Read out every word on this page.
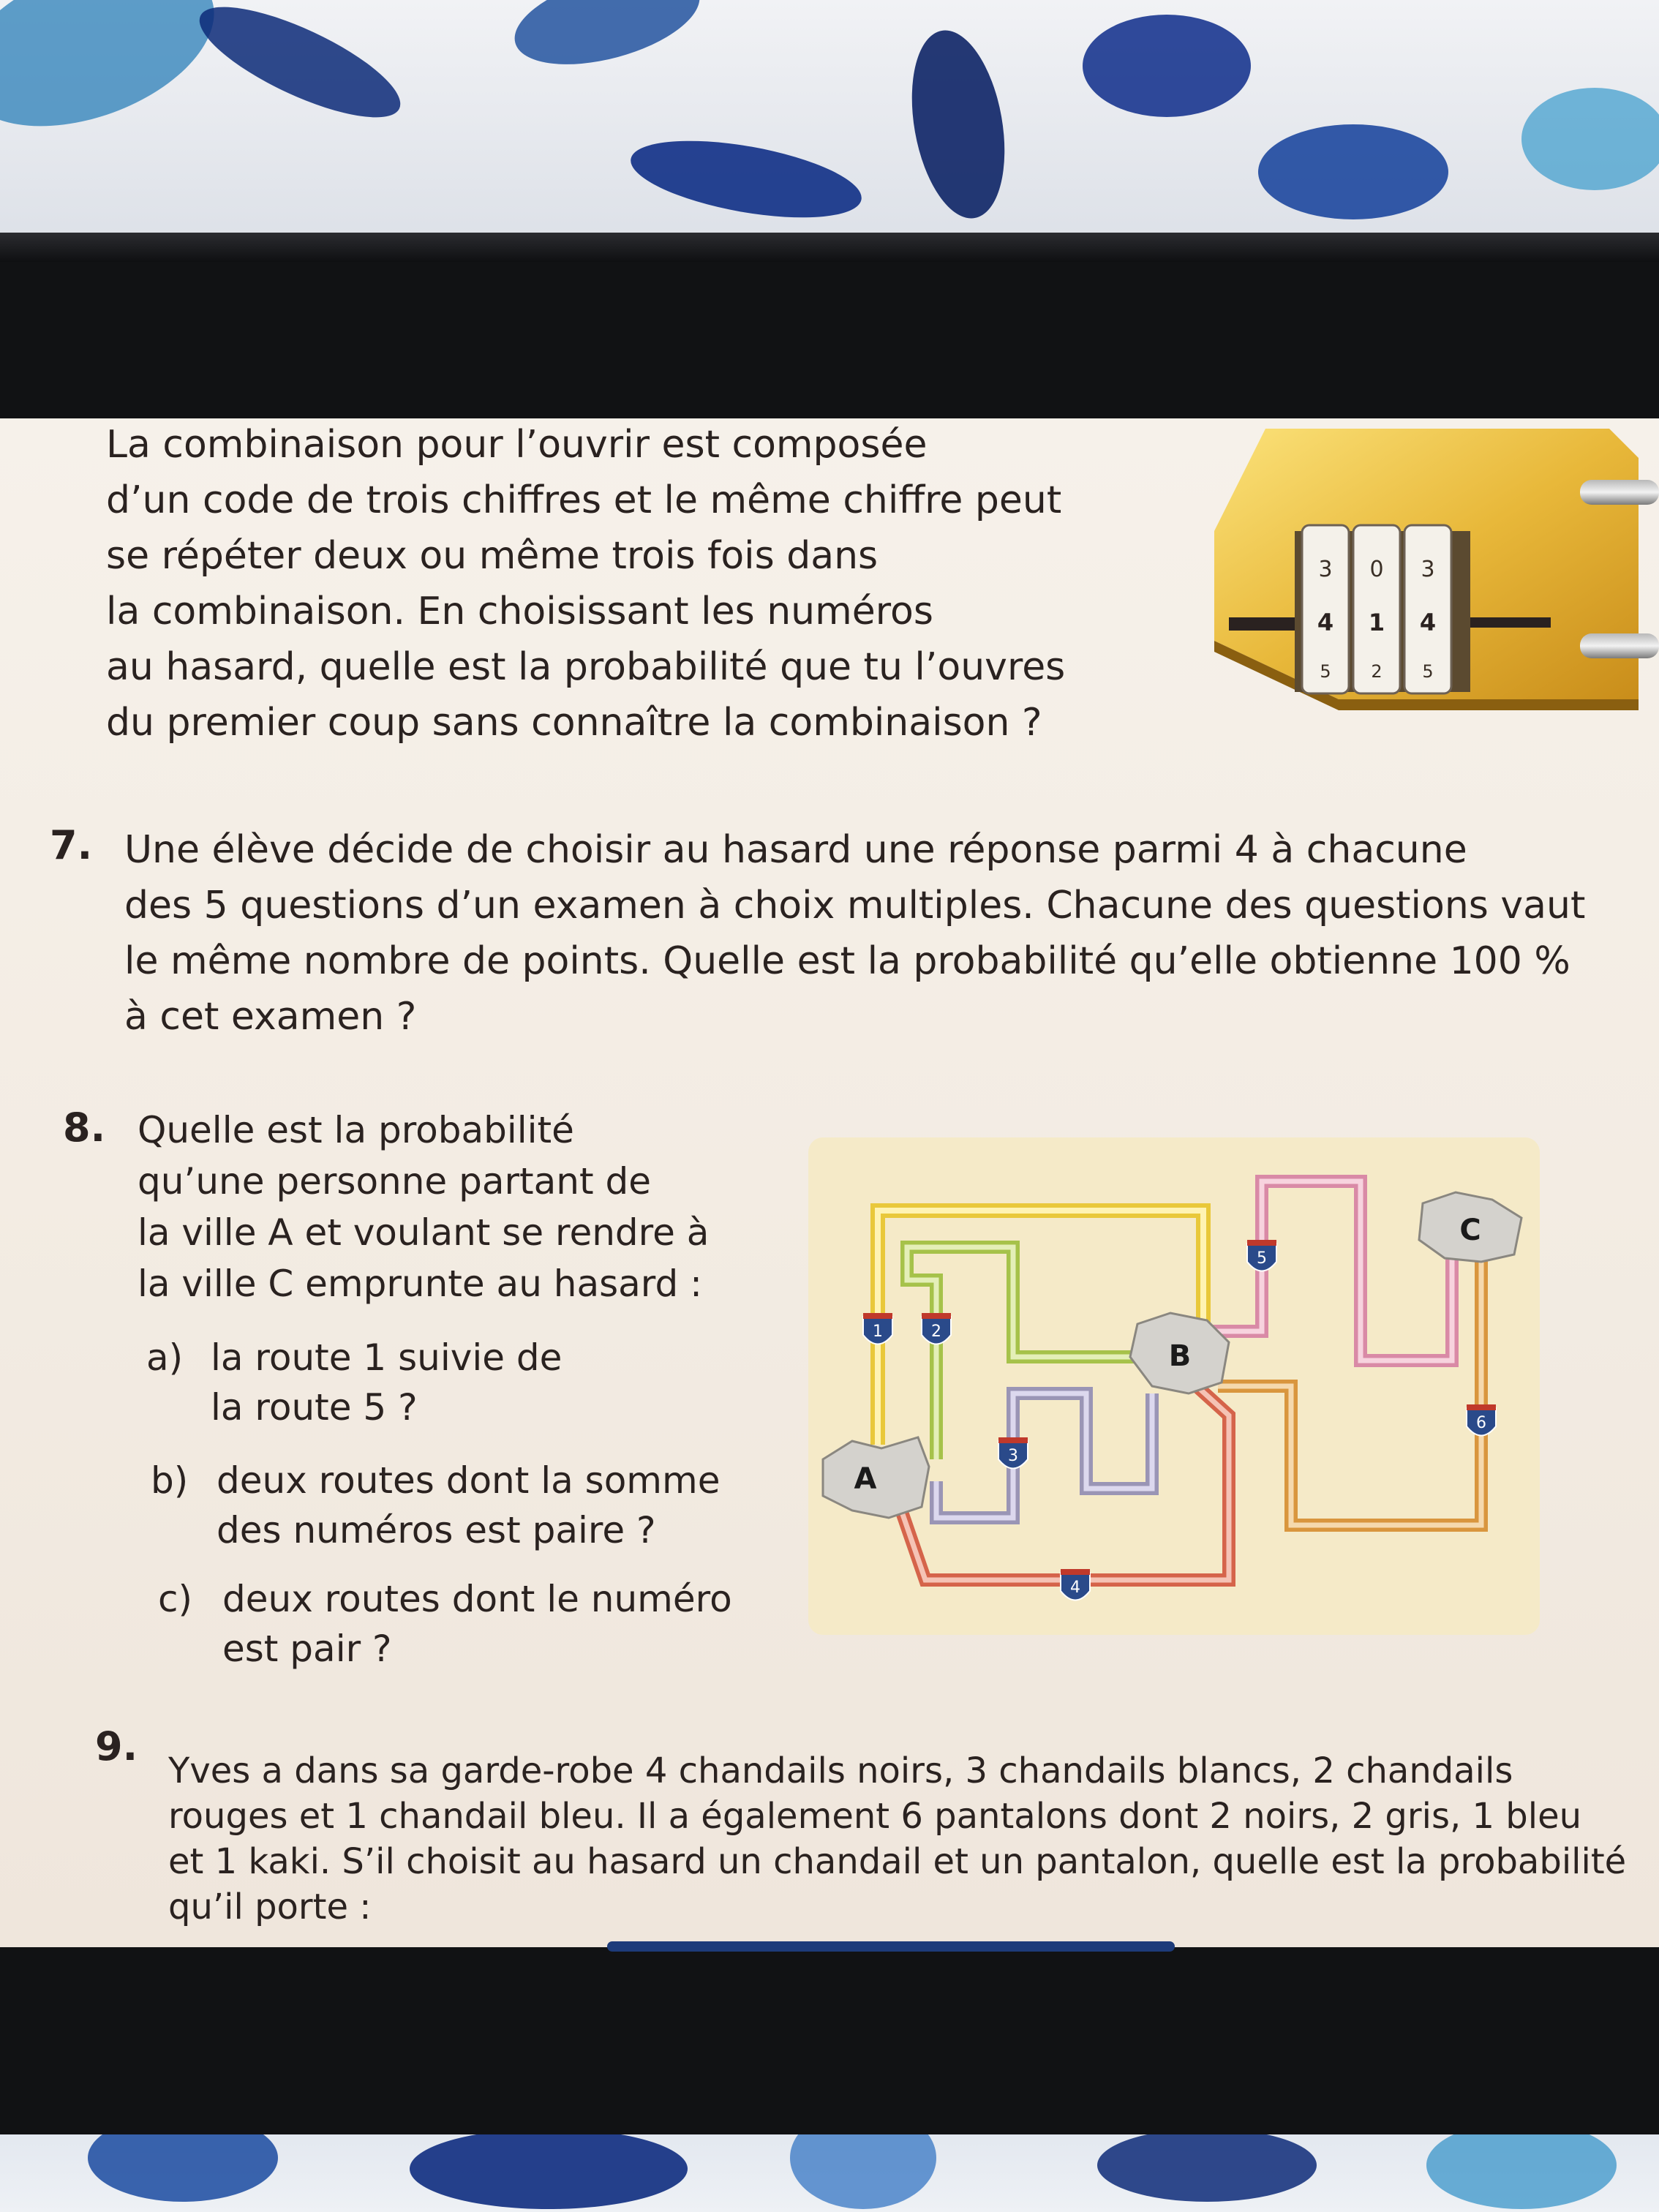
La combinaison pour l’ouvrir est composée
d’un code de trois chiffres et le même chiffre peut
se répéter deux ou même trois fois dans
la combinaison. En choisissant les numéros
au hasard, quelle est la probabilité que tu l’ouvres
du premier coup sans connaître la combinaison ?
3 0 3
4 1 4
5 2 5
7. Une élève décide de choisir au hasard une réponse parmi 4 à chacune
des 5 questions d’un examen à choix multiples. Chacune des questions vaut
le même nombre de points. Quelle est la probabilité qu’elle obtienne 100 %
à cet examen ?
8. Quelle est la probabilité
qu’une personne partant de
la ville A et voulant se rendre à
la ville C emprunte au hasard :
a) la route 1 suivie de
la route 5 ?
b) deux routes dont la somme
des numéros est paire ?
c) deux routes dont le numéro
est pair ?
A
B
C
1	2
3
4
5
6
9.
Yves a dans sa garde-robe 4 chandails noirs, 3 chandails blancs, 2 chandails
rouges et 1 chandail bleu. Il a également 6 pantalons dont 2 noirs, 2 gris, 1 bleu
et 1 kaki. S’il choisit au hasard un chandail et un pantalon, quelle est la probabilité
qu’il porte :
